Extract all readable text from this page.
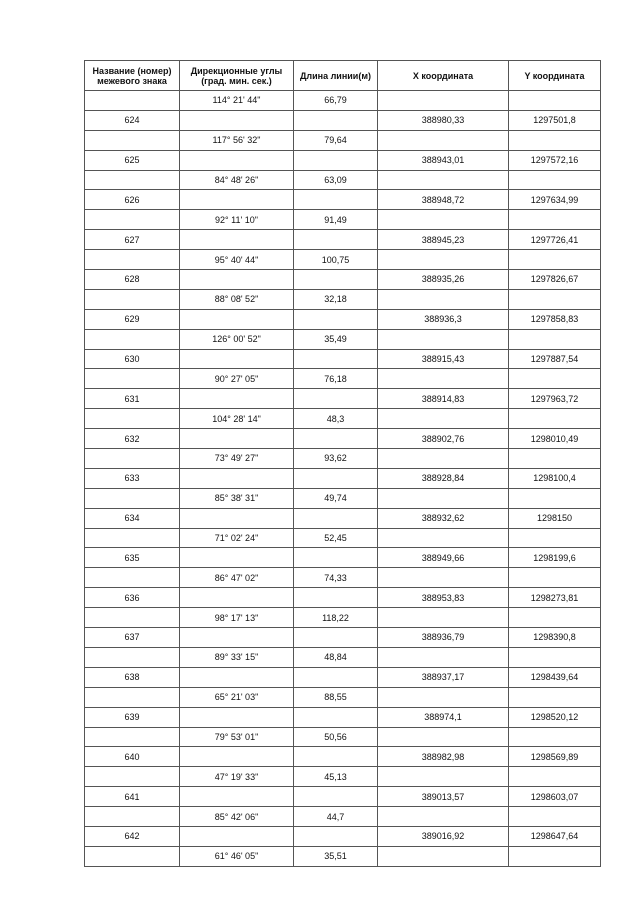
Название (номер) межевого знака	Дирекционные углы (град. мин. сек.)	Длина линии(м)	X координата	Y координата
	114° 21' 44"	66,79		
624			388980,33	1297501,8
	117° 56' 32"	79,64		
625			388943,01	1297572,16
	84° 48' 26"	63,09		
626			388948,72	1297634,99
	92° 11' 10"	91,49		
627			388945,23	1297726,41
	95° 40' 44"	100,75		
628			388935,26	1297826,67
	88° 08' 52"	32,18		
629			388936,3	1297858,83
	126° 00' 52"	35,49		
630			388915,43	1297887,54
	90° 27' 05"	76,18		
631			388914,83	1297963,72
	104° 28' 14"	48,3		
632			388902,76	1298010,49
	73° 49' 27"	93,62		
633			388928,84	1298100,4
	85° 38' 31"	49,74		
634			388932,62	1298150
	71° 02' 24"	52,45		
635			388949,66	1298199,6
	86° 47' 02"	74,33		
636			388953,83	1298273,81
	98° 17' 13"	118,22		
637			388936,79	1298390,8
	89° 33' 15"	48,84		
638			388937,17	1298439,64
	65° 21' 03"	88,55		
639			388974,1	1298520,12
	79° 53' 01"	50,56		
640			388982,98	1298569,89
	47° 19' 33"	45,13		
641			389013,57	1298603,07
	85° 42' 06"	44,7		
642			389016,92	1298647,64
	61° 46' 05"	35,51		
